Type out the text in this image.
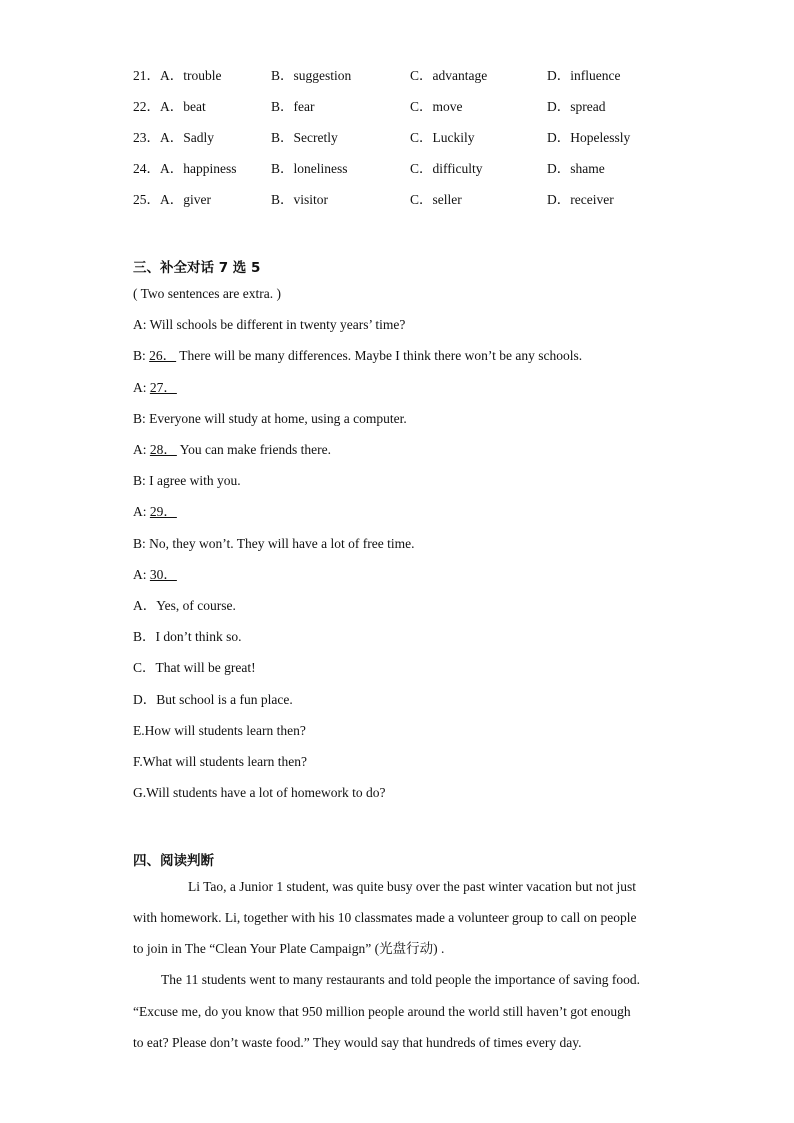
21．A．trouble	B．suggestion	C．advantage	D．influence
22．A．beat	B．fear	C．move	D．spread
23．A．Sadly	B．Secretly	C．Luckily	D．Hopelessly
24．A．happiness	B．loneliness	C．difficulty	D．shame
25．A．giver	B．visitor	C．seller	D．receiver
三、补全对话 7 选 5
( Two sentences are extra. )
A: Will schools be different in twenty years’ time?
B: 26． There will be many differences. Maybe I think there won’t be any schools.
A: 27．
B: Everyone will study at home, using a computer.
A: 28． You can make friends there.
B: I agree with you.
A: 29．
B: No, they won’t. They will have a lot of free time.
A: 30．
A．Yes, of course.
B．I don’t think so.
C．That will be great!
D．But school is a fun place.
E.How will students learn then?
F.What will students learn then?
G.Will students have a lot of homework to do?
四、阅读判断
Li Tao, a Junior 1 student, was quite busy over the past winter vacation but not just
with homework. Li, together with his 10 classmates made a volunteer group to call on people
to join in The “Clean Your Plate Campaign” (光盘行动) .
The 11 students went to many restaurants and told people the importance of saving food.
“Excuse me, do you know that 950 million people around the world still haven’t got enough
to eat? Please don’t waste food.” They would say that hundreds of times every day.
